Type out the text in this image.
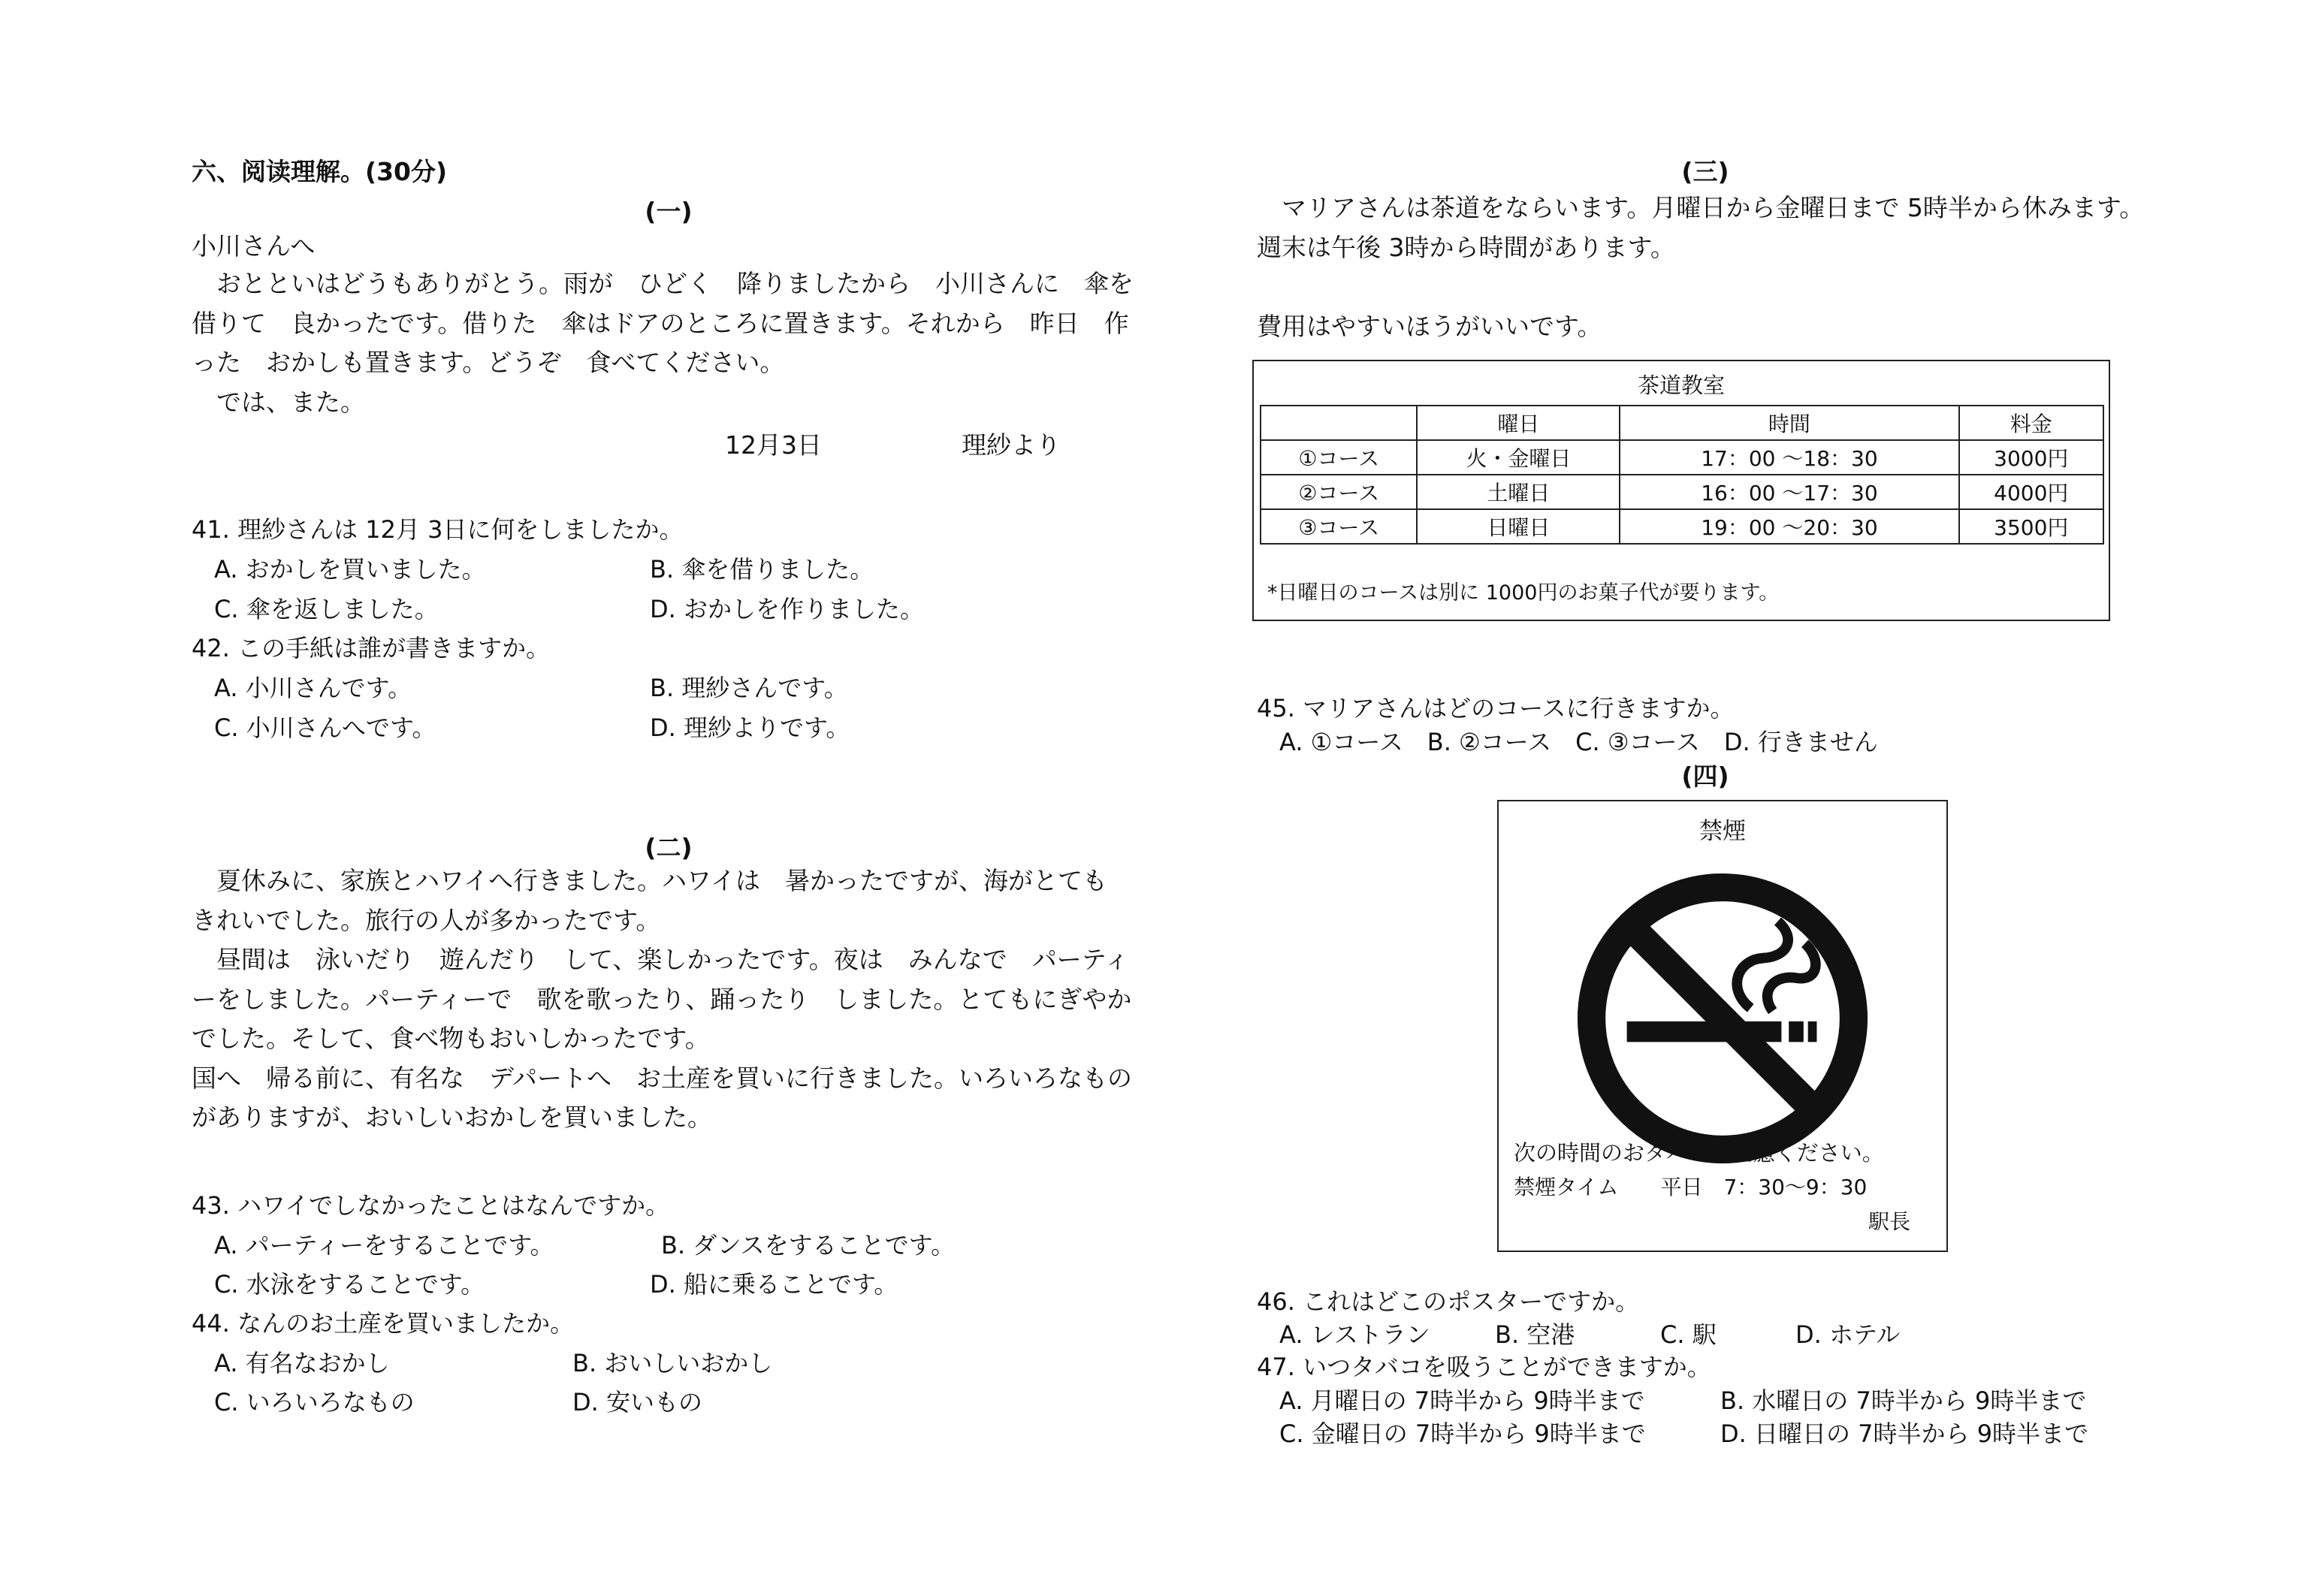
六、阅读理解。(30分)
(一)
小川さんへ
　おとといはどうもありがとう。雨が　ひどく　降りましたから　小川さんに　傘を
借りて　良かったです。借りた　傘はドアのところに置きます。それから　昨日　作
った　おかしも置きます。どうぞ　食べてください。
　では、また。
12月3日	理紗より
41. 理紗さんは 12月 3日に何をしましたか。
A. おかしを買いました。	B. 傘を借りました。
C. 傘を返しました。	D. おかしを作りました。
42. この手紙は誰が書きますか。
A. 小川さんです。	B. 理紗さんです。
C. 小川さんへです。	D. 理紗よりです。
(二)
　夏休みに、家族とハワイへ行きました。ハワイは　暑かったですが、海がとても
きれいでした。旅行の人が多かったです。
　昼間は　泳いだり　遊んだり　して、楽しかったです。夜は　みんなで　パーティ
ーをしました。パーティーで　歌を歌ったり、踊ったり　しました。とてもにぎやか
でした。そして、食べ物もおいしかったです。
国へ　帰る前に、有名な　デパートへ　お土産を買いに行きました。いろいろなもの
がありますが、おいしいおかしを買いました。
43. ハワイでしなかったことはなんですか。
A. パーティーをすることです。	B. ダンスをすることです。
C. 水泳をすることです。	D. 船に乗ることです。
44. なんのお土産を買いましたか。
A. 有名なおかし	B. おいしいおかし
C. いろいろなもの	D. 安いもの
(三)
　マリアさんは茶道をならいます。月曜日から金曜日まで 5時半から休みます。
週末は午後 3時から時間があります。

費用はやすいほうがいいです。
茶道教室
	曜日	時間	料金
①コース	火・金曜日	17：00 ～18：30	3000円
②コース	土曜日	16：00 ～17：30	4000円
③コース	日曜日	19：00 ～20：30	3500円
*日曜日のコースは別に 1000円のお菓子代が要ります。
45. マリアさんはどのコースに行きますか。
A. ①コース　B. ②コース　C. ③コース　D. 行きません
(四)
禁煙
次の時間のおタバコは遠慮ください。
禁煙タイム　　平日　7：30～9：30
駅長
46. これはどこのポスターですか。
A. レストラン	B. 空港	C. 駅	D. ホテル
47. いつタバコを吸うことができますか。
A. 月曜日の 7時半から 9時半まで	B. 水曜日の 7時半から 9時半まで
C. 金曜日の 7時半から 9時半まで	D. 日曜日の 7時半から 9時半まで
